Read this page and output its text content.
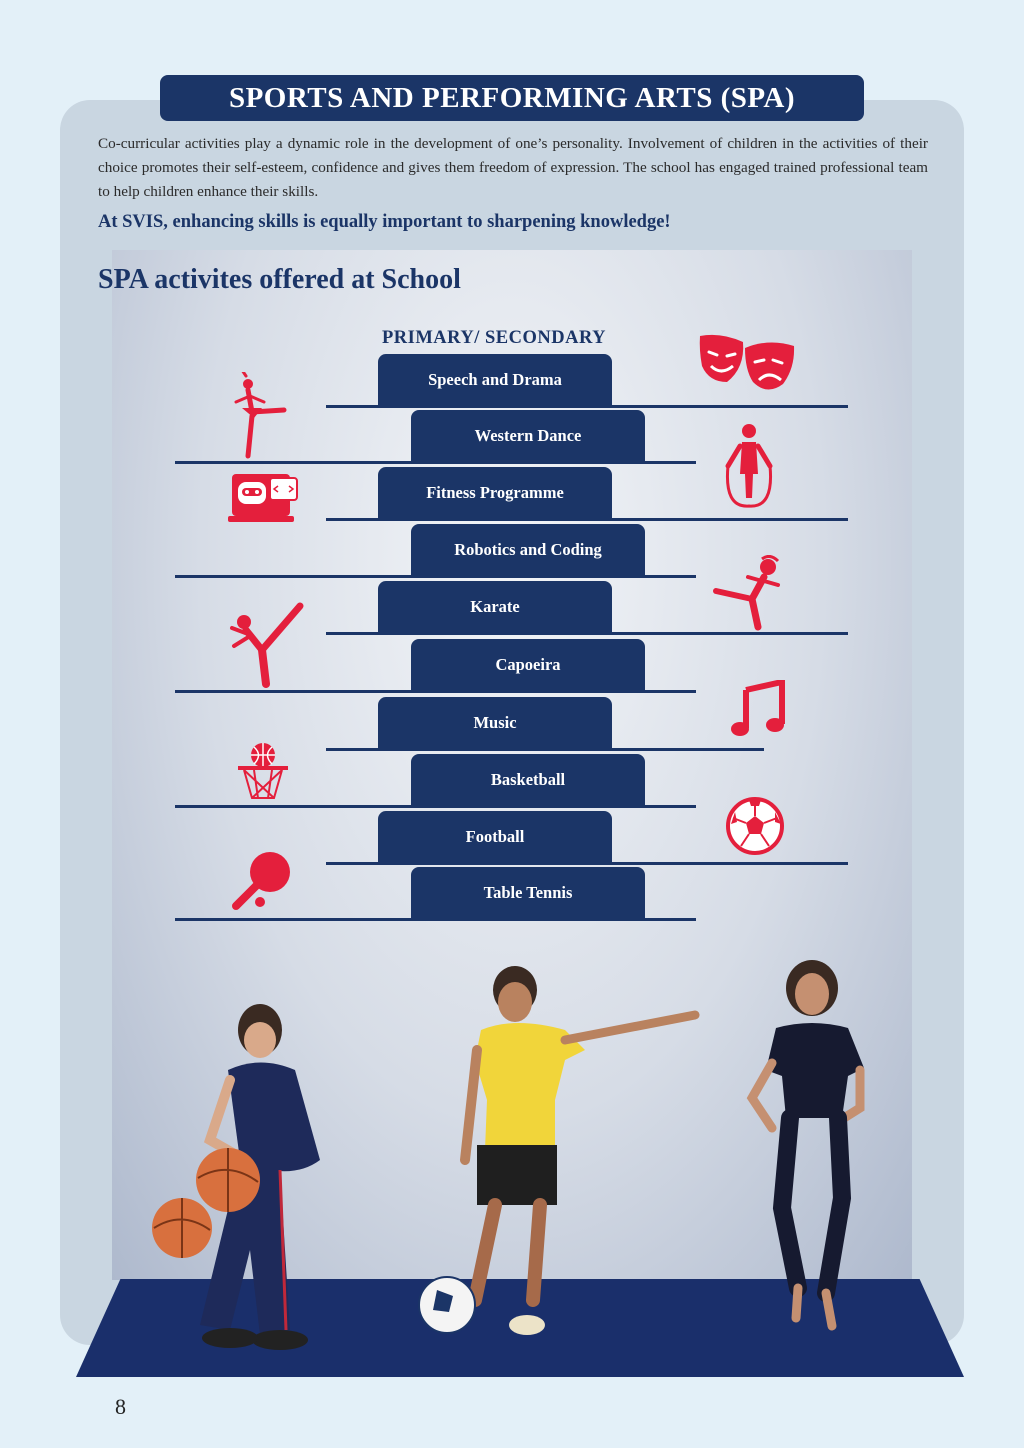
SPORTS AND PERFORMING ARTS (SPA)

Co-curricular activities play a dynamic role in the development of one’s personality. Involvement of children in the activities of their choice promotes their self-esteem, confidence and gives them freedom of expression. The school has engaged trained professional team to help children enhance their skills.

At SVIS, enhancing skills is equally important to sharpening knowledge!

SPA activites offered at School
PRIMARY/ SECONDARY
Speech and Drama
Western Dance
Fitness Programme
Robotics and Coding
Karate
Capoeira
Music
Basketball
Football
Table Tennis
8
